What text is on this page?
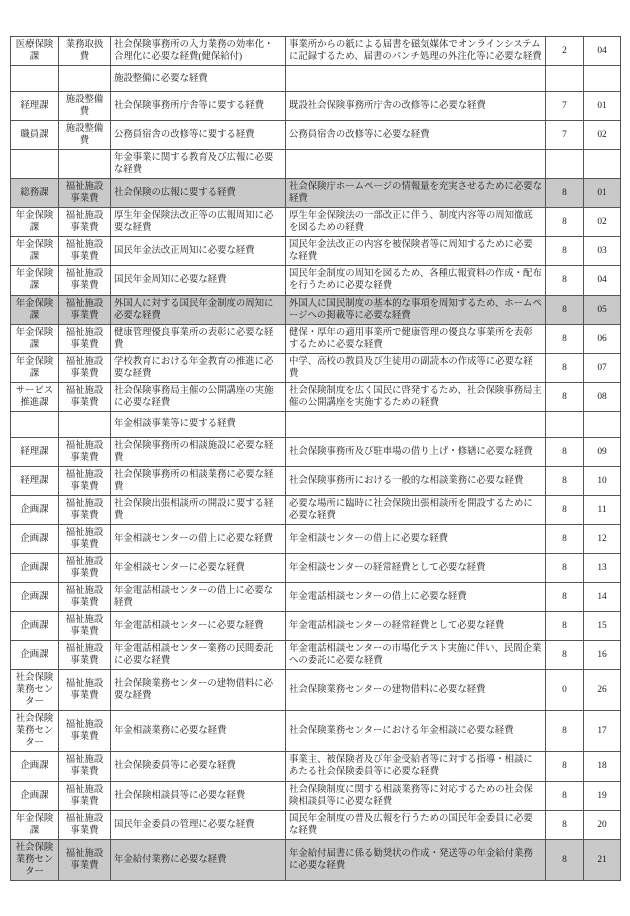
医療保険課	業務取扱費	社会保険事務所の入力業務の効率化・合理化に必要な経費(健保給付)	事業所からの紙による届書を磁気媒体でオンラインシステムに記録するため、届書のパンチ処理の外注化等に必要な経費	2	04
		施設整備に必要な経費			
経理課	施設整備費	社会保険事務所庁舎等に要する経費	既設社会保険事務所庁舎の改修等に必要な経費	7	01
職員課	施設整備費	公務員宿舎の改修等に要する経費	公務員宿舎の改修等に必要な経費	7	02
		年金事業に関する教育及び広報に必要な経費			
総務課	福祉施設事業費	社会保険の広報に要する経費	社会保険庁ホームページの情報量を充実させるために必要な経費	8	01
年金保険課	福祉施設事業費	厚生年金保険法改正等の広報周知に必要な経費	厚生年金保険法の一部改正に伴う、制度内容等の周知徹底を図るための経費	8	02
年金保険課	福祉施設事業費	国民年金法改正周知に必要な経費	国民年金法改正の内容を被保険者等に周知するために必要な経費	8	03
年金保険課	福祉施設事業費	国民年金周知に必要な経費	国民年金制度の周知を図るため、各種広報資料の作成・配布を行うために必要な経費	8	04
年金保険課	福祉施設事業費	外国人に対する国民年金制度の周知に必要な経費	外国人に国民制度の基本的な事項を周知するため、ホームページへの掲載等に必要な経費	8	05
年金保険課	福祉施設事業費	健康管理優良事業所の表彰に必要な経費	健保・厚年の適用事業所で健康管理の優良な事業所を表彰するために必要な経費	8	06
年金保険課	福祉施設事業費	学校教育における年金教育の推進に必要な経費	中学、高校の教員及び生徒用の副読本の作成等に必要な経費	8	07
サービス推進課	福祉施設事業費	社会保険事務局主催の公開講座の実施に必要な経費	社会保険制度を広く国民に啓発するため、社会保険事務局主催の公開講座を実施するための経費	8	08
		年金相談事業等に要する経費			
経理課	福祉施設事業費	社会保険事務所の相談施設に必要な経費	社会保険事務所及び駐車場の借り上げ・修繕に必要な経費	8	09
経理課	福祉施設事業費	社会保険事務所の相談業務に必要な経費	社会保険事務所における一般的な相談業務に必要な経費	8	10
企画課	福祉施設事業費	社会保険出張相談所の開設に要する経費	必要な場所に臨時に社会保険出張相談所を開設するために必要な経費	8	11
企画課	福祉施設事業費	年金相談センターの借上に必要な経費	年金相談センターの借上に必要な経費	8	12
企画課	福祉施設事業費	年金相談センターに必要な経費	年金相談センターの経常経費として必要な経費	8	13
企画課	福祉施設事業費	年金電話相談センターの借上に必要な経費	年金電話相談センターの借上に必要な経費	8	14
企画課	福祉施設事業費	年金電話相談センターに必要な経費	年金電話相談センターの経常経費として必要な経費	8	15
企画課	福祉施設事業費	年金電話相談センター業務の民間委託に必要な経費	年金電話相談センターの市場化テスト実施に伴い、民間企業への委託に必要な経費	8	16
社会保険業務センター	福祉施設事業費	社会保険業務センターの建物借料に必要な経費	社会保険業務センターの建物借料に必要な経費	0	26
社会保険業務センター	福祉施設事業費	年金相談業務に必要な経費	社会保険業務センターにおける年金相談に必要な経費	8	17
企画課	福祉施設事業費	社会保険委員等に必要な経費	事業主、被保険者及び年金受給者等に対する指導・相談にあたる社会保険委員等に必要な経費	8	18
企画課	福祉施設事業費	社会保険相談員等に必要な経費	社会保険制度に関する相談業務等に対応するための社会保険相談員等に必要な経費	8	19
年金保険課	福祉施設事業費	国民年金委員の管理に必要な経費	国民年金制度の普及広報を行うための国民年金委員に必要な経費	8	20
社会保険業務センター	福祉施設事業費	年金給付業務に必要な経費	年金給付届書に係る勧奨状の作成・発送等の年金給付業務に必要な経費	8	21
